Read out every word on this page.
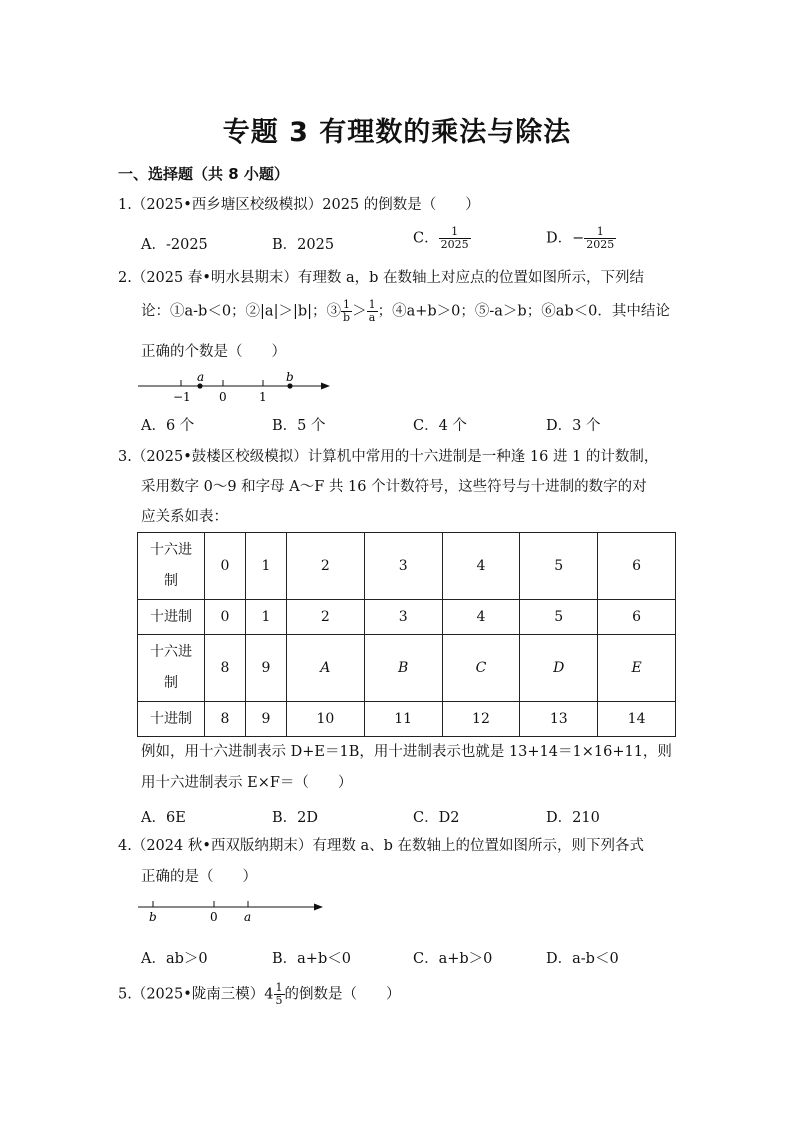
专题 3 有理数的乘法与除法
一、选择题（共 8 小题）
1.（2025•西乡塘区校级模拟）2025 的倒数是（　　）
A．-2025	B．2025	C． $\frac{1}{2025}$	D．− $\frac{1}{2025}$
2.（2025 春•明水县期末）有理数 a，b 在数轴上对应点的位置如图所示，下列结
论：①a-b＜0；②|a|＞|b|；③ $\frac{1}{b} > \frac{1}{a}$ ；④a+b＞0；⑤-a＞b；⑥ab＜0．其中结论
正确的个数是（　　）
a	b
−1 0	1
A．6 个	B．5 个	C．4 个	D．3 个
3.（2025•鼓楼区校级模拟）计算机中常用的十六进制是一种逢 16 进 1 的计数制，
采用数字 0～9 和字母 A～F 共 16 个计数符号，这些符号与十进制的数字的对
应关系如表：
十六进
制	0	1	2	3	4	5	6
十进制	0	1	2	3	4	5	6
十六进
制	8	9	A	B	C	D	E
十进制	8	9	10	11	12	13	14
例如，用十六进制表示 D+E＝1B，用十进制表示也就是 13+14＝1×16+11，则
用十六进制表示 E×F＝（　　）
A．6E	B．2D	C．D2	D．210
4.（2024 秋•西双版纳期末）有理数 a、b 在数轴上的位置如图所示，则下列各式
正确的是（　　）
b	0 a
A．ab＞0	B．a+b＜0	C．a+b＞0	D．a-b＜0
5.（2025•陇南三模）$4 \frac{1}{5}$ 的倒数是（　　）
